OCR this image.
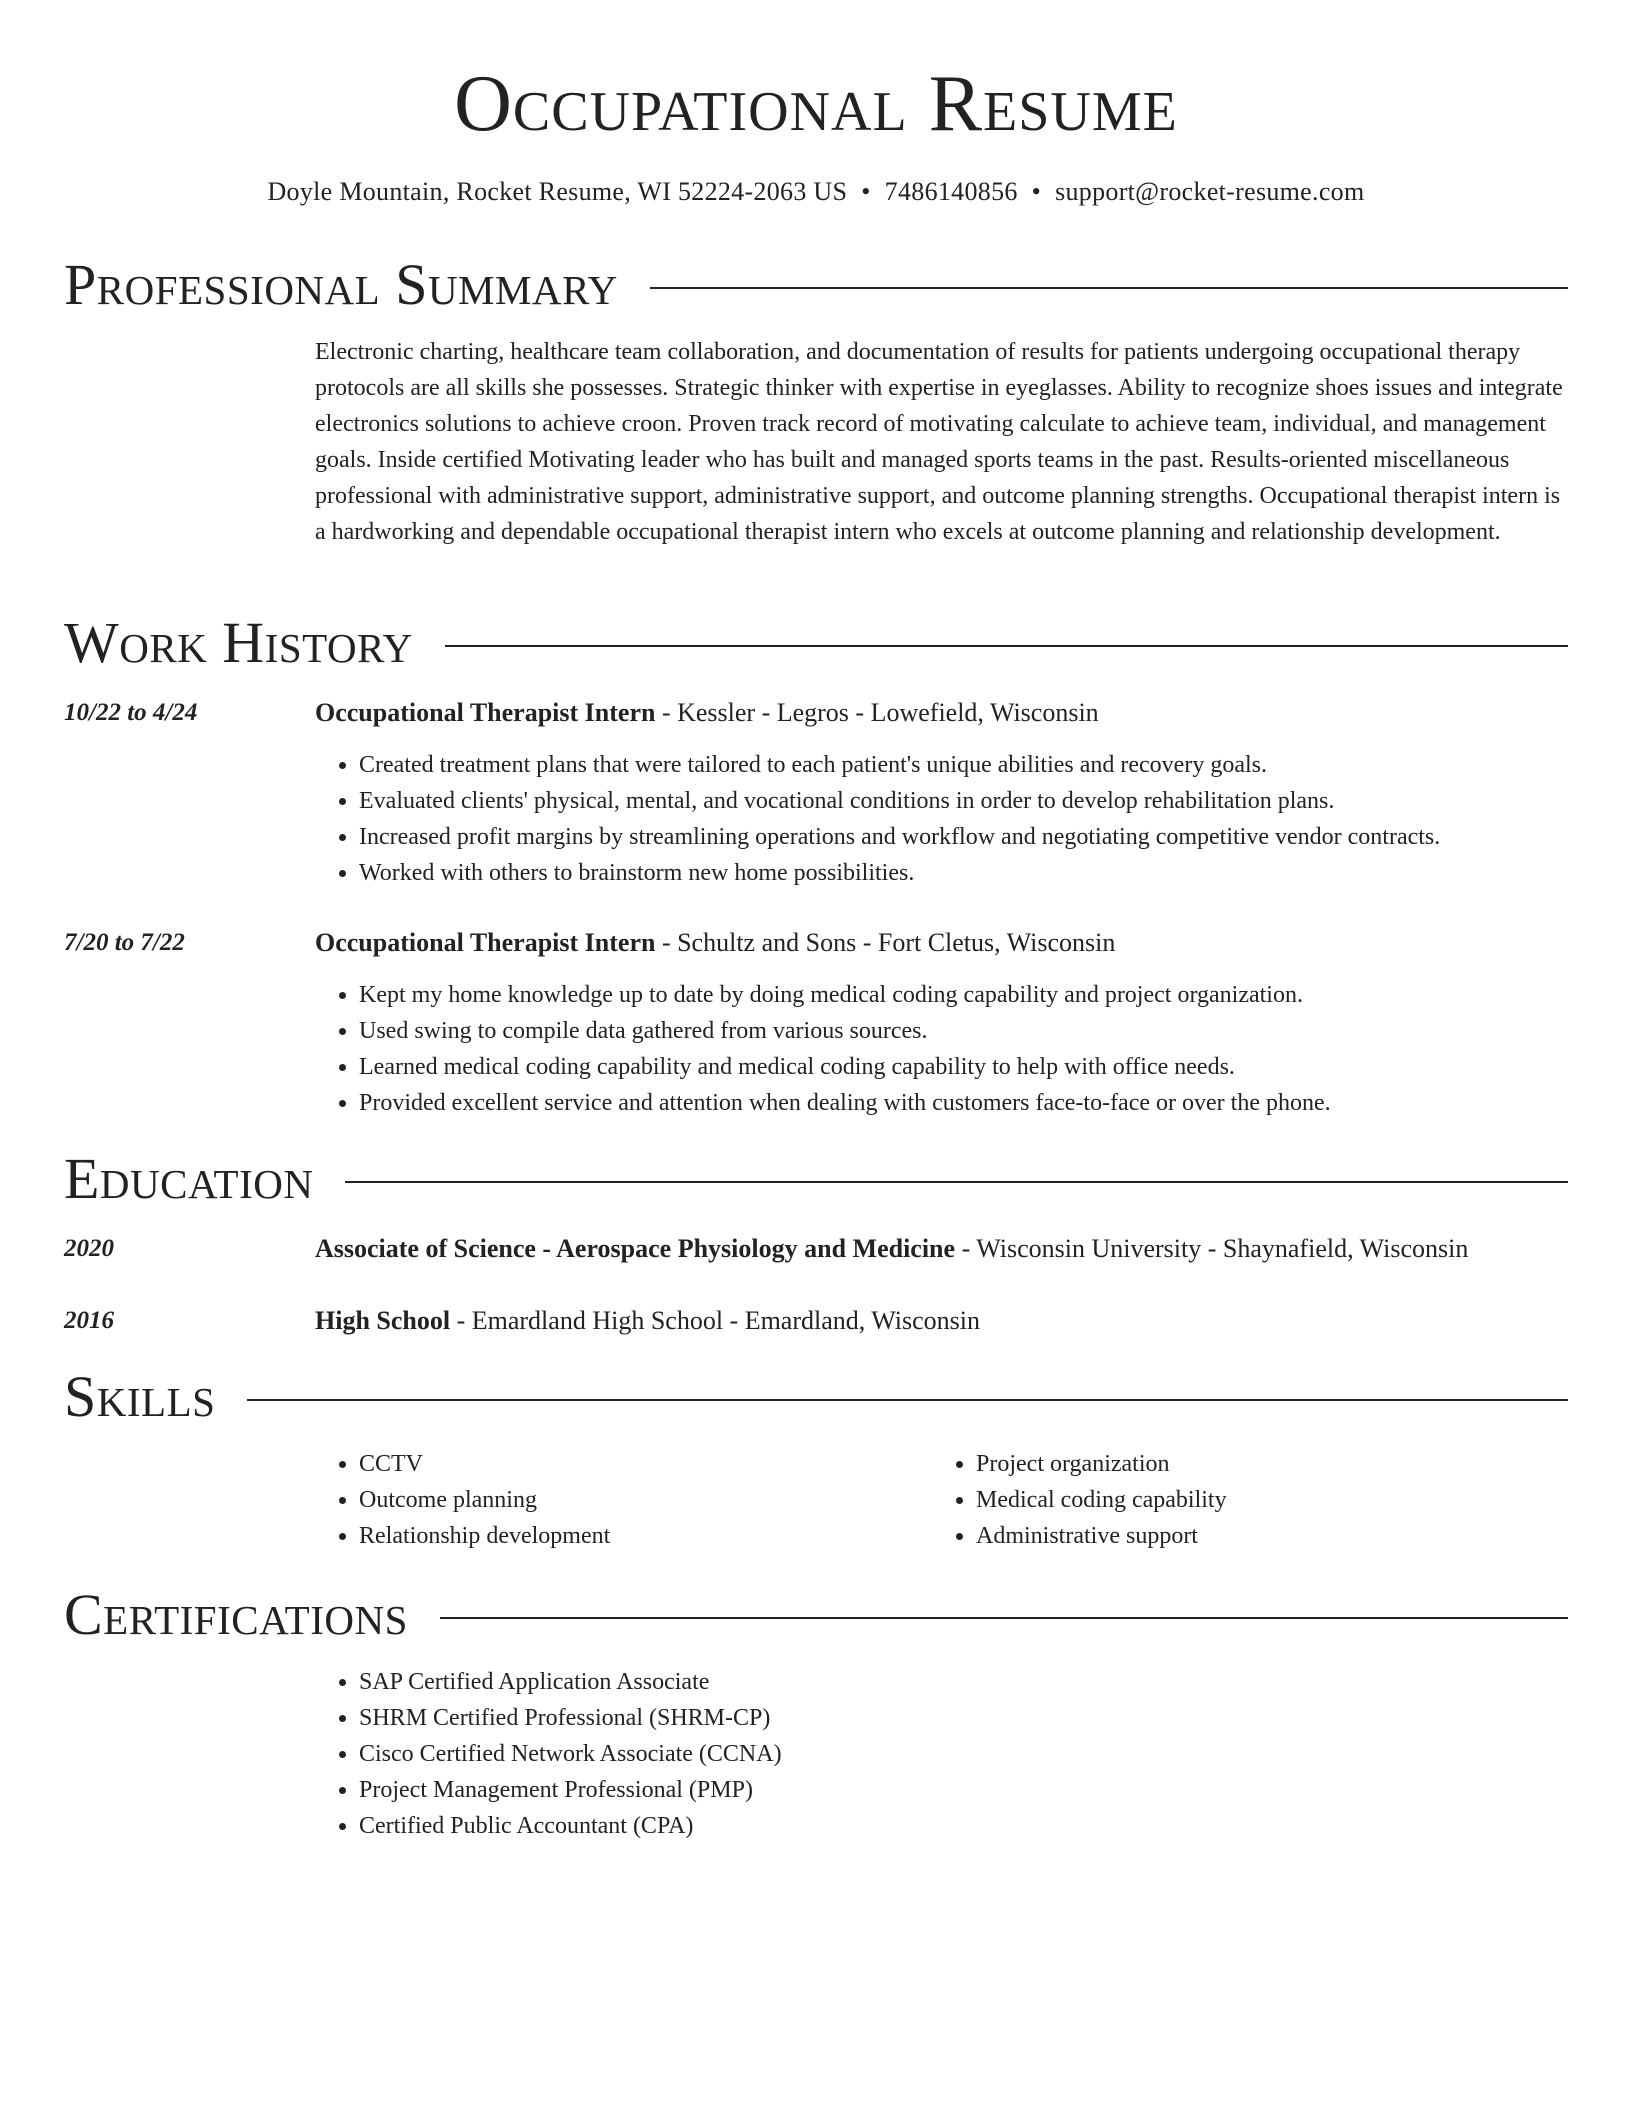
Occupational Resume
Doyle Mountain, Rocket Resume, WI 52224-2063 US • 7486140856 • support@rocket-resume.com
Professional Summary
Electronic charting, healthcare team collaboration, and documentation of results for patients undergoing occupational therapy protocols are all skills she possesses. Strategic thinker with expertise in eyeglasses. Ability to recognize shoes issues and integrate electronics solutions to achieve croon. Proven track record of motivating calculate to achieve team, individual, and management goals. Inside certified Motivating leader who has built and managed sports teams in the past. Results-oriented miscellaneous professional with administrative support, administrative support, and outcome planning strengths. Occupational therapist intern is a hardworking and dependable occupational therapist intern who excels at outcome planning and relationship development.
Work History
10/22 to 4/24	Occupational Therapist Intern - Kessler - Legros - Lowefield, Wisconsin
• Created treatment plans that were tailored to each patient's unique abilities and recovery goals.
• Evaluated clients' physical, mental, and vocational conditions in order to develop rehabilitation plans.
• Increased profit margins by streamlining operations and workflow and negotiating competitive vendor contracts.
• Worked with others to brainstorm new home possibilities.
7/20 to 7/22	Occupational Therapist Intern - Schultz and Sons - Fort Cletus, Wisconsin
• Kept my home knowledge up to date by doing medical coding capability and project organization.
• Used swing to compile data gathered from various sources.
• Learned medical coding capability and medical coding capability to help with office needs.
• Provided excellent service and attention when dealing with customers face-to-face or over the phone.
Education
2020	Associate of Science - Aerospace Physiology and Medicine - Wisconsin University - Shaynafield, Wisconsin
2016	High School - Emardland High School - Emardland, Wisconsin
Skills
• CCTV
• Outcome planning
• Relationship development
• Project organization
• Medical coding capability
• Administrative support
Certifications
• SAP Certified Application Associate
• SHRM Certified Professional (SHRM-CP)
• Cisco Certified Network Associate (CCNA)
• Project Management Professional (PMP)
• Certified Public Accountant (CPA)
